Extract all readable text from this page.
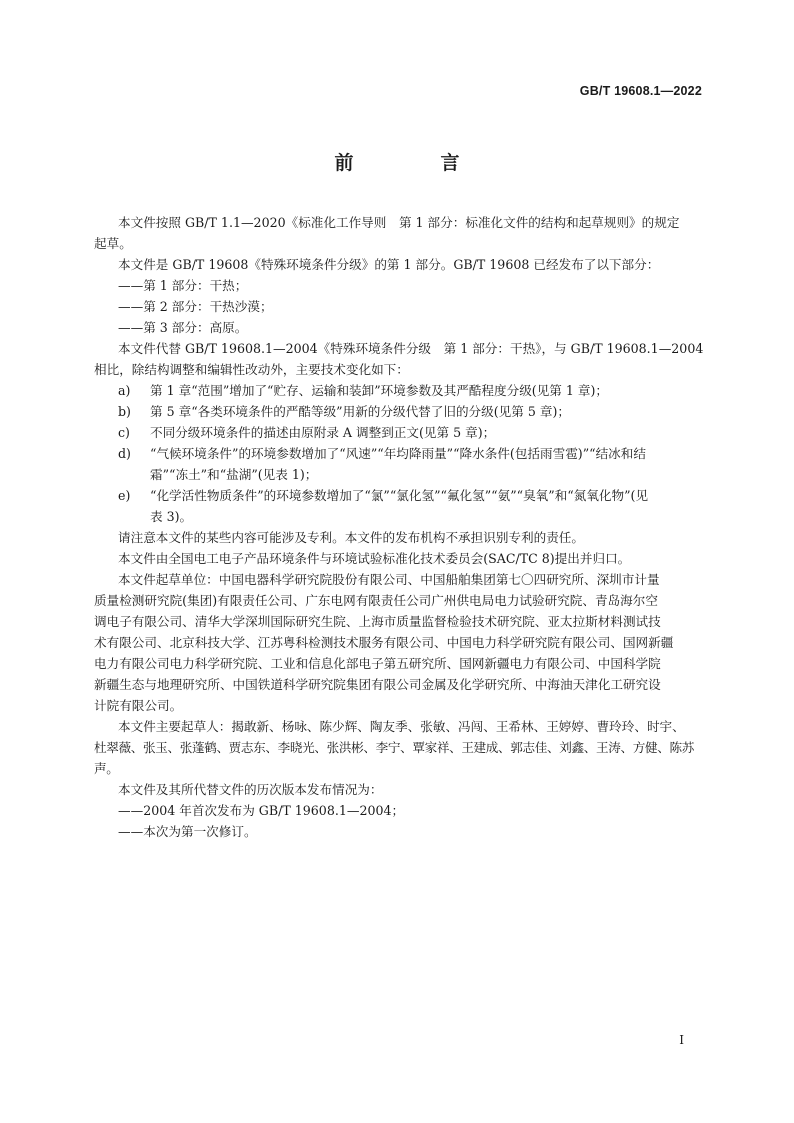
GB/T 19608.1—2022
前　言
本文件按照 GB/T 1.1—2020《标准化工作导则　第 1 部分：标准化文件的结构和起草规则》的规定
起草。
本文件是 GB/T 19608《特殊环境条件分级》的第 1 部分。GB/T 19608 已经发布了以下部分：
——第 1 部分：干热；
——第 2 部分：干热沙漠；
——第 3 部分：高原。
本文件代替 GB/T 19608.1—2004《特殊环境条件分级　第 1 部分：干热》，与 GB/T 19608.1—2004
相比，除结构调整和编辑性改动外，主要技术变化如下：
a) 第 1 章“范围”增加了“贮存、运输和装卸”环境参数及其严酷程度分级(见第 1 章)；
b) 第 5 章“各类环境条件的严酷等级”用新的分级代替了旧的分级(见第 5 章)；
c) 不同分级环境条件的描述由原附录 A 调整到正文(见第 5 章)；
d) “气候环境条件”的环境参数增加了“风速”“年均降雨量”“降水条件(包括雨雪雹)”“结冰和结
霜”“冻土”和“盐湖”(见表 1)；
e) “化学活性物质条件”的环境参数增加了“氯”“氯化氢”“氟化氢”“氨”“臭氧”和“氮氧化物”(见
表 3)。
请注意本文件的某些内容可能涉及专利。本文件的发布机构不承担识别专利的责任。
本文件由全国电工电子产品环境条件与环境试验标准化技术委员会(SAC/TC 8)提出并归口。
本文件起草单位：中国电器科学研究院股份有限公司、中国船舶集团第七〇四研究所、深圳市计量
质量检测研究院(集团)有限责任公司、广东电网有限责任公司广州供电局电力试验研究院、青岛海尔空
调电子有限公司、清华大学深圳国际研究生院、上海市质量监督检验技术研究院、亚太拉斯材料测试技
术有限公司、北京科技大学、江苏粤科检测技术服务有限公司、中国电力科学研究院有限公司、国网新疆
电力有限公司电力科学研究院、工业和信息化部电子第五研究所、国网新疆电力有限公司、中国科学院
新疆生态与地理研究所、中国铁道科学研究院集团有限公司金属及化学研究所、中海油天津化工研究设
计院有限公司。
本文件主要起草人：揭敢新、杨咏、陈少辉、陶友季、张敏、冯闯、王希林、王婷婷、曹玲玲、时宇、
杜翠薇、张玉、张蓬鹤、贾志东、李晓光、张洪彬、李宁、覃家祥、王建成、郭志佳、刘鑫、王涛、方健、陈苏声。
本文件及其所代替文件的历次版本发布情况为：
——2004 年首次发布为 GB/T 19608.1—2004；
——本次为第一次修订。
I
